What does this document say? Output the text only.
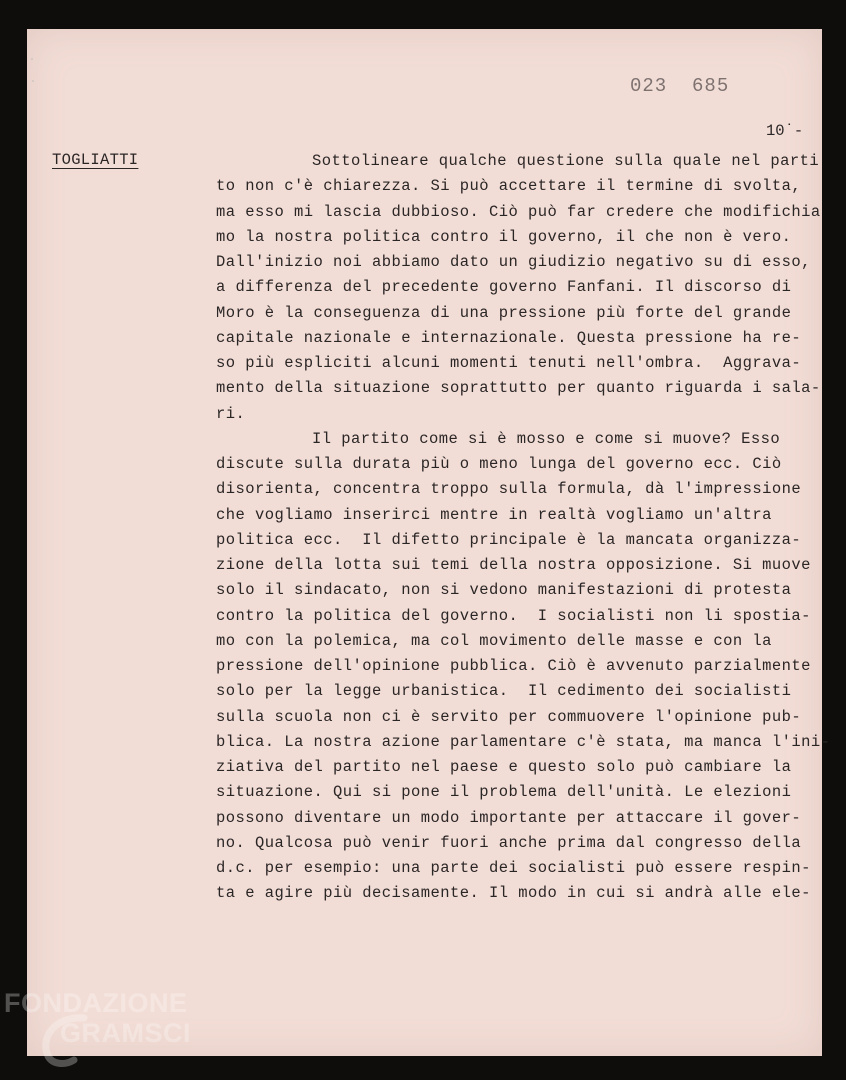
023  685
10˙-
TOGLIATTI	Sottolineare qualche questione sulla quale nel parti
to non c'è chiarezza. Si può accettare il termine di svolta,
ma esso mi lascia dubbioso. Ciò può far credere che modifichia
mo la nostra politica contro il governo, il che non è vero.
Dall'inizio noi abbiamo dato un giudizio negativo su di esso,
a differenza del precedente governo Fanfani. Il discorso di
Moro è la conseguenza di una pressione più forte del grande
capitale nazionale e internazionale. Questa pressione ha re-
so più espliciti alcuni momenti tenuti nell'ombra.  Aggrava-
mento della situazione soprattutto per quanto riguarda i sala-
ri.
Il partito come si è mosso e come si muove? Esso
discute sulla durata più o meno lunga del governo ecc. Ciò
disorienta, concentra troppo sulla formula, dà l'impressione
che vogliamo inserirci mentre in realtà vogliamo un'altra
politica ecc.  Il difetto principale è la mancata organizza-
zione della lotta sui temi della nostra opposizione. Si muove
solo il sindacato, non si vedono manifestazioni di protesta
contro la politica del governo.  I socialisti non li spostia-
mo con la polemica, ma col movimento delle masse e con la
pressione dell'opinione pubblica. Ciò è avvenuto parzialmente
solo per la legge urbanistica.  Il cedimento dei socialisti
sulla scuola non ci è servito per commuovere l'opinione pub-
blica. La nostra azione parlamentare c'è stata, ma manca l'ini-
ziativa del partito nel paese e questo solo può cambiare la
situazione. Qui si pone il problema dell'unità. Le elezioni
possono diventare un modo importante per attaccare il gover-
no. Qualcosa può venir fuori anche prima dal congresso della
d.c. per esempio: una parte dei socialisti può essere respin-
ta e agire più decisamente. Il modo in cui si andrà alle ele-
FONDAZIONE
GRAMSCI
